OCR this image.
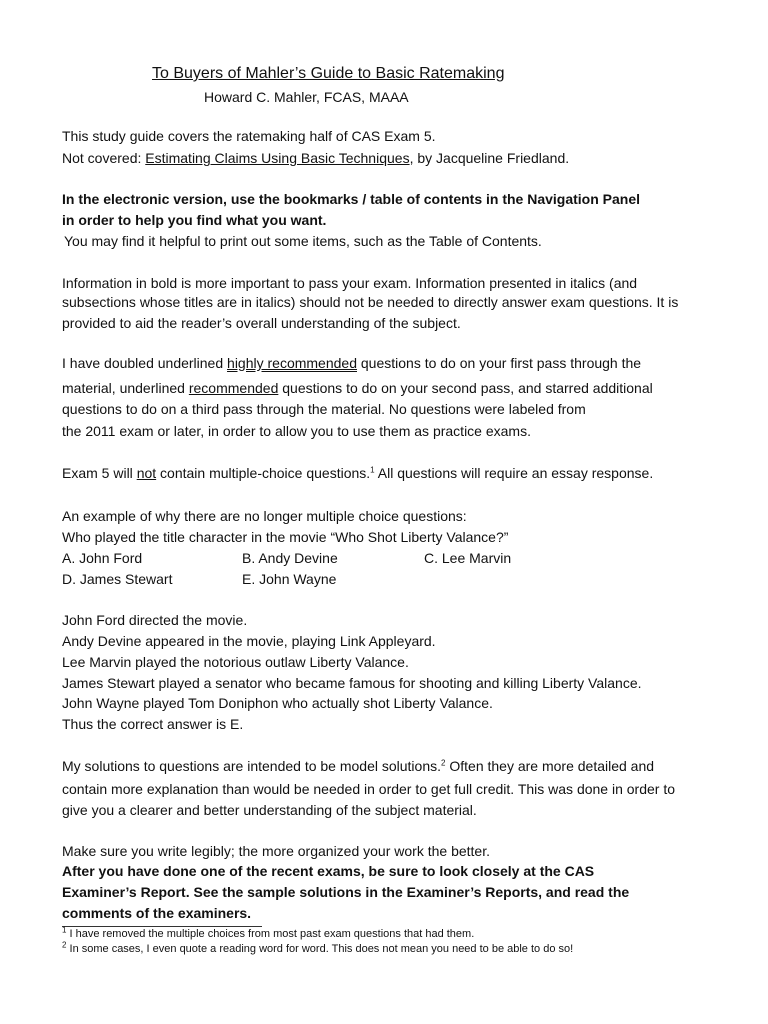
To Buyers of Mahler’s Guide to Basic Ratemaking
Howard C. Mahler, FCAS, MAAA
This study guide covers the ratemaking half of CAS Exam 5.
Not covered: Estimating Claims Using Basic Techniques, by Jacqueline Friedland.
In the electronic version, use the bookmarks / table of contents in the Navigation Panel
in order to help you find what you want.
You may find it helpful to print out some items, such as the Table of Contents.
Information in bold is more important to pass your exam. Information presented in italics (and
subsections whose titles are in italics) should not be needed to directly answer exam questions. It is
provided to aid the reader’s overall understanding of the subject.
I have doubled underlined highly recommended questions to do on your first pass through the
material, underlined recommended questions to do on your second pass, and starred additional
questions to do on a third pass through the material. No questions were labeled from
the 2011 exam or later, in order to allow you to use them as practice exams.
Exam 5 will not contain multiple-choice questions.$^1$ All questions will require an essay response.
An example of why there are no longer multiple choice questions:
Who played the title character in the movie “Who Shot Liberty Valance?”
A. John Ford	B. Andy Devine	C. Lee Marvin
D. James Stewart	E. John Wayne
John Ford directed the movie.
Andy Devine appeared in the movie, playing Link Appleyard.
Lee Marvin played the notorious outlaw Liberty Valance.
James Stewart played a senator who became famous for shooting and killing Liberty Valance.
John Wayne played Tom Doniphon who actually shot Liberty Valance.
Thus the correct answer is E.
My solutions to questions are intended to be model solutions.$^2$ Often they are more detailed and
contain more explanation than would be needed in order to get full credit. This was done in order to
give you a clearer and better understanding of the subject material.
Make sure you write legibly; the more organized your work the better.
After you have done one of the recent exams, be sure to look closely at the CAS
Examiner’s Report. See the sample solutions in the Examiner’s Reports, and read the
comments of the examiners.
$^1$ I have removed the multiple choices from most past exam questions that had them.
$^2$ In some cases, I even quote a reading word for word. This does not mean you need to be able to do so!
